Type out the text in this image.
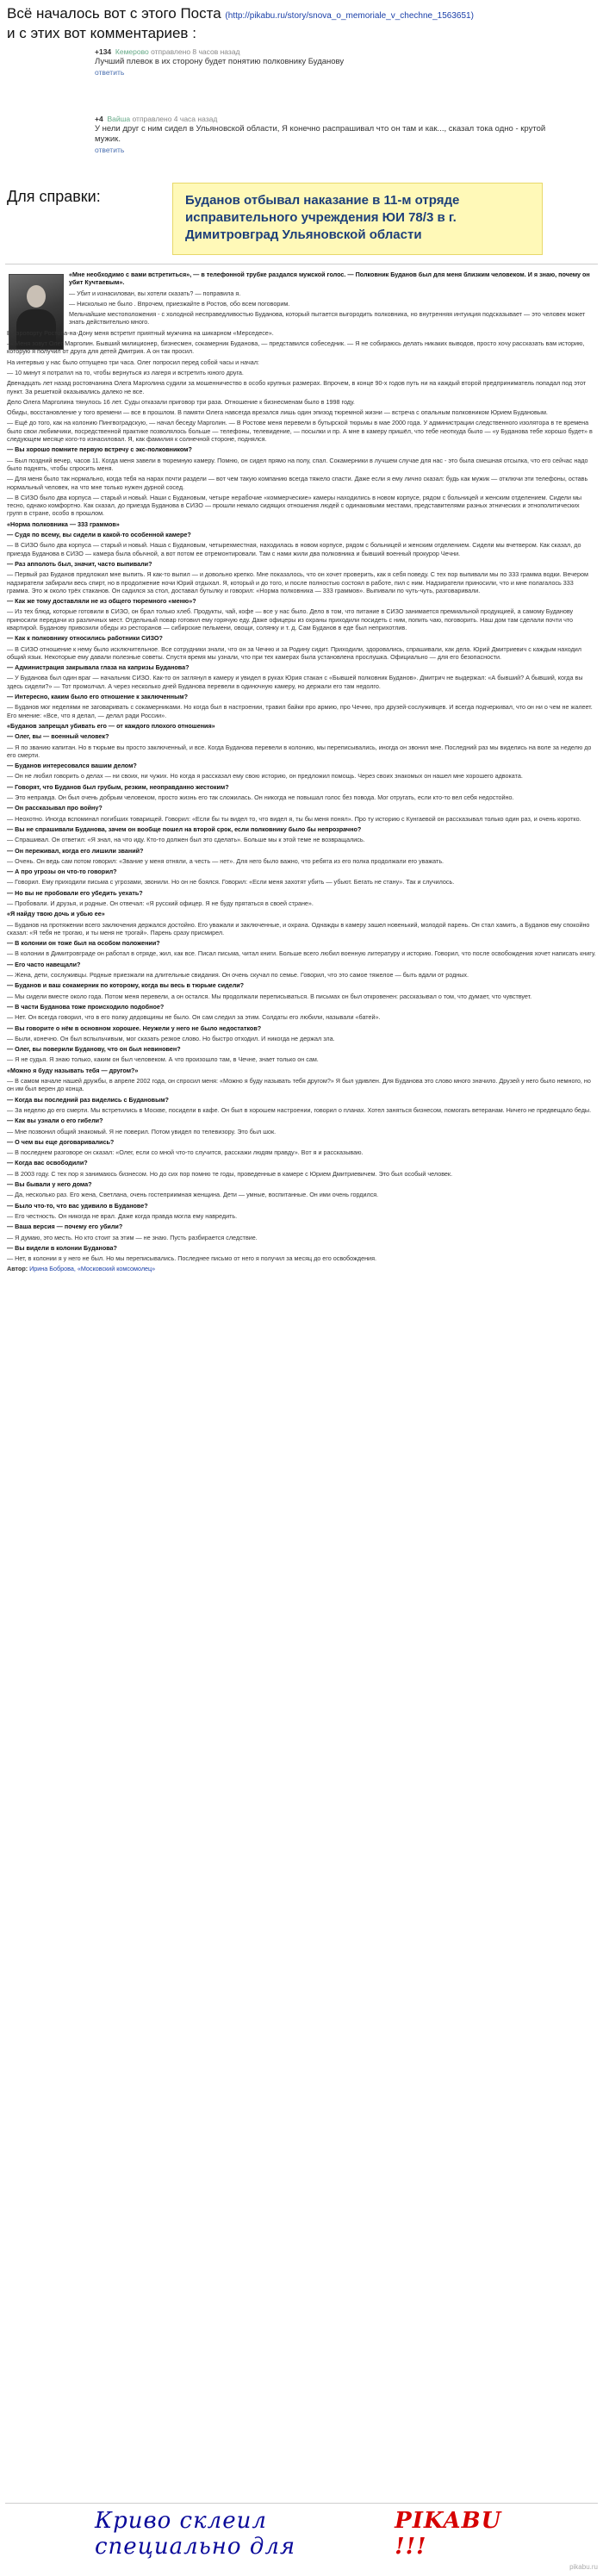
Всё началось вот с этого Поста (http://pikabu.ru/story/snova_o_memoriale_v_chechne_1563651)
и с этих вот комментариев :
+134 Кемерово отправлено 8 часов назад
Лучший плевок в их сторону будет понятию полковнику Буданову
ответить
+4 Вайша отправлено 4 часа назад
У нели друг с ним сидел в Ульяновской области, Я конечно распрашивал что он там и как..., сказал тока одно - крутой мужик.
ответить
Для справки:	Буданов отбывал наказание в 11-м отряде исправительного учреждения ЮИ 78/3 в г. Димитровград Ульяновской области

«Мне необходимо с вами встретиться», — в телефонной трубке раздался мужской голос. — Полковник Буданов был для меня близким человеком. И я знаю, почему он убит Кучтаевым».

— Убит и изнасилован, вы хотели сказать? — поправила я.

— Нисколько не было . Впрочем, приезжайте в Ростов, обо всем поговорим.

Мельчайшие местоположения - с холодной несправедливостью Буданова, который пытается выгородить полковника, но внутренняя интуиция подсказывает — это человек может знать действительно много.

В аэропорту Ростова-на-Дону меня встретит приятный мужчина на шикарном «Мерседесе».

— Меня зовут Олег Марголин. Бывший милиционер, бизнесмен, сокамерник Буданова, — представился собеседник. — Я не собираюсь делать никаких выводов, просто хочу рассказать вам историю, которую я получил от друга для детей Дмитрия. А он так просил.

На интервью у нас было отпущено три часа. Олег попросил перед собой часы и начал:

— 10 минут я потратил на то, чтобы вернуться из лагеря и встретить юного друга.

Двенадцать лет назад ростовчанина Олега Марголина судили за мошенничество в особо крупных размерах. Впрочем, в конце 90-х годов путь ни на каждый второй предприниматель попадал под этот пункт. За решеткой оказывались далеко не все.

Дело Олега Марголина тянулось 16 лет. Суды отказали приговор три раза. Отношение к бизнесменам было в 1998 году.

Обиды, восстановление у того времени — все в прошлом. В памяти Олега навсегда врезался лишь один эпизод тюремной жизни — встреча с опальным полковником Юрием Будановым.

— Ещё до того, как на колонию Пингвоградскую, — начал беседу Марголин. — В Ростове меня перевели в бутырской тюрьмы в мае 2000 года. У администрации следственного изолятора в те времена было свои любимчики, посредственной практике позволялось больше — телефоны, телевидение, — посылки и пр. А мне в камеру пришёл, что тебе неоткуда было — «у Буданова тебе хорошо будет» в следующем месяце кого-то изнасиловал. Я, как фамилия к солнечной стороне, поднялся.

— Вы хорошо помните первую встречу с экс-полковником?

— Был поздний вечер, часов 11. Когда меня завели в тюремную камеру. Помню, он сидел прямо на полу, спал. Сокамерники в лучшем случае для нас - это была смешная отсылка, что его сейчас надо было поднять, чтобы спросить меня.

— Для меня было так нормально, когда тебя на нарах почти раздели — вот чем такую компанию всегда тяжело спасти. Даже если я ему лично сказал: будь как мужик — отключи эти телефоны, оставь нормальный человек, на что мне только нужен дурной сосед.

— В СИЗО было два корпуса — старый и новый. Наши с Будановым, четыре нерабочие «коммерческие» камеры находились в новом корпусе, рядом с больницей и женским отделением. Сидели мы тесно, однако комфортно. Как сказал, до приезда Буданова в СИЗО — прошли немало сидящих отношения людей с одинаковыми местами, представителями разных этнических и этнополитических групп в стране, особо в прошлом.

«Норма полковника — 333 граммов»

— Судя по всему, вы сидели в какой-то особенной камере?

— В СИЗО было два корпуса — старый и новый. Наша с Будановым, четырехместная, находилась в новом корпусе, рядом с больницей и женским отделением. Сидели мы вчетвером. Как сказал, до приезда Буданова в СИЗО — камера была обычной, а вот потом ее отремонтировали. Там с нами жили два полковника и бывший военный прокурор Чечни.

— Раз апполоть был, значит, часто выпивали?

— Первый раз Буданов предложил мне выпить. Я как-то выпил — и довольно крепко. Мне показалось, что он хочет проверить, как я себя поведу. С тех пор выпивали мы по 333 грамма водки. Вечером надзиратели забирали весь спирт, но в продолжение ночи Юрий отдыхал. Я, который и до того, и после полностью состоял в работе, пил с ним. Надзиратели приносили, что и мне полагалось 333 грамма. Это ж около трёх стаканов. Он садился за стол, доставал бутылку и говорил: «Норма полковника — 333 граммов». Выпивали по чуть-чуть, разговаривали.

— Как же тому доставляли не из общего тюремного «меню»?

— Из тех блюд, которые готовили в СИЗО, он брал только хлеб. Продукты, чай, кофе — все у нас было. Дело в том, что питание в СИЗО занимается премиальной продукцией, а самому Буданову приносили передачи из различных мест. Отдельный повар готовил ему горячую еду. Даже офицеры из охраны приходили посидеть с ним, попить чаю, поговорить. Наш дом там сделали почти что квартирой. Буданову привозили обеды из ресторанов — сибирские пельмени, овощи, солянку и т. д. Сам Буданов в еде был неприхотлив.

— Как к полковнику относились работники СИЗО?

— В СИЗО отношение к нему было исключительное. Все сотрудники знали, что он за Чечню и за Родину сидит. Приходили, здоровались, спрашивали, как дела. Юрий Дмитриевич с каждым находил общий язык. Некоторые ему давали полезные советы. Спустя время мы узнали, что при тех камерах была установлена прослушка. Официально — для его безопасности.

— Администрация закрывала глаза на капризы Буданова?

— У Буданова был один враг — начальник СИЗО. Как-то он заглянул в камеру и увидел в руках Юрия стакан с «Бывшей полковник Буданов». Дмитрич не выдержал: «А бывший? А бывший, когда вы здесь сидели?» — Тот промолчал. А через несколько дней Буданова перевели в одиночную камеру, но держали его там недолго.

— Интересно, каким было его отношение к заключенным?

— Буданов мог неделями не заговаривать с сокамерниками. Но когда был в настроении, травил байки про армию, про Чечню, про друзей-сослуживцев. И всегда подчеркивал, что он ни о чем не жалеет. Его мнение: «Все, что я делал, — делал ради России».

«Буданов запрещал убивать его — от каждого плохого отношения»

— Олег, вы — военный человек?

— Я по званию капитан. Но в тюрьме вы просто заключенный, и все. Когда Буданова перевели в колонию, мы переписывались, иногда он звонил мне. Последний раз мы виделись на воле за неделю до его смерти.

— Буданов интересовался вашим делом?

— Он не любил говорить о делах — ни своих, ни чужих. Но когда я рассказал ему свою историю, он предложил помощь. Через своих знакомых он нашел мне хорошего адвоката.

— Говорят, что Буданов был грубым, резким, неоправданно жестоким?

— Это неправда. Он был очень добрым человеком, просто жизнь его так сложилась. Он никогда не повышал голос без повода. Мог отругать, если кто-то вел себя недостойно.

— Он рассказывал про войну?

— Неохотно. Иногда вспоминал погибших товарищей. Говорил: «Если бы ты видел то, что видел я, ты бы меня понял». Про ту историю с Кунгаевой он рассказывал только один раз, и очень коротко.

— Вы не спрашивали Буданова, зачем он вообще пошел на второй срок, если полковнику было бы непрозрачно?

— Спрашивал. Он ответил: «Я знал, на что иду. Кто-то должен был это сделать». Больше мы к этой теме не возвращались.

— Он переживал, когда его лишили званий?

— Очень. Он ведь сам потом говорил: «Звание у меня отняли, а честь — нет». Для него было важно, что ребята из его полка продолжали его уважать.

— А про угрозы он что-то говорил?

— Говорил. Ему приходили письма с угрозами, звонили. Но он не боялся. Говорил: «Если меня захотят убить — убьют. Бегать не стану». Так и случилось.

— Но вы не пробовали его убедить уехать?

— Пробовали. И друзья, и родные. Он отвечал: «Я русский офицер. Я не буду прятаться в своей стране».

«Я найду твою дочь и убью ее»

— Буданов на протяжении всего заключения держался достойно. Его уважали и заключенные, и охрана. Однажды в камеру зашел новенький, молодой парень. Он стал хамить, а Буданов ему спокойно сказал: «Я тебя не трогаю, и ты меня не трогай». Парень сразу присмирел.

— В колонии он тоже был на особом положении?

— В колонии в Димитровграде он работал в отряде, жил, как все. Писал письма, читал книги. Больше всего любил военную литературу и историю. Говорил, что после освобождения хочет написать книгу.

— Его часто навещали?

— Жена, дети, сослуживцы. Родные приезжали на длительные свидания. Он очень скучал по семье. Говорил, что это самое тяжелое — быть вдали от родных.

— Буданов и ваш сокамерник по которому, когда вы весь в тюрьме сидели?

— Мы сидели вместе около года. Потом меня перевели, а он остался. Мы продолжали переписываться. В письмах он был откровенен: рассказывал о том, что думает, что чувствует.

— В части Буданова тоже происходило подобное?

— Нет. Он всегда говорил, что в его полку дедовщины не было. Он сам следил за этим. Солдаты его любили, называли «батей».

— Вы говорите о нём в основном хорошее. Неужели у него не было недостатков?

— Были, конечно. Он был вспыльчивым, мог сказать резкое слово. Но быстро отходил. И никогда не держал зла.

— Олег, вы поверили Буданову, что он был невиновен?

— Я не судья. Я знаю только, каким он был человеком. А что произошло там, в Чечне, знает только он сам.

«Можно я буду называть тебя — другом?»

— В самом начале нашей дружбы, в апреле 2002 года, он спросил меня: «Можно я буду называть тебя другом?» Я был удивлен. Для Буданова это слово много значило. Друзей у него было немного, но он им был верен до конца.

— Когда вы последний раз виделись с Будановым?

— За неделю до его смерти. Мы встретились в Москве, посидели в кафе. Он был в хорошем настроении, говорил о планах. Хотел заняться бизнесом, помогать ветеранам. Ничего не предвещало беды.

— Как вы узнали о его гибели?

— Мне позвонил общий знакомый. Я не поверил. Потом увидел по телевизору. Это был шок.

— О чем вы еще договаривались?

— В последнем разговоре он сказал: «Олег, если со мной что-то случится, расскажи людям правду». Вот я и рассказываю.

— Когда вас освободили?

— В 2003 году. С тех пор я занимаюсь бизнесом. Но до сих пор помню те годы, проведенные в камере с Юрием Дмитриевичем. Это был особый человек.

— Вы бывали у него дома?

— Да, несколько раз. Его жена, Светлана, очень гостеприимная женщина. Дети — умные, воспитанные. Он ими очень гордился.

— Было что-то, что вас удивило в Буданове?

— Его честность. Он никогда не врал. Даже когда правда могла ему навредить.

— Ваша версия — почему его убили?

— Я думаю, это месть. Но кто стоит за этим — не знаю. Пусть разбирается следствие.

— Вы видели в колонии Буданова?

— Нет, в колонии я у него не был. Но мы переписывались. Последнее письмо от него я получил за месяц до его освобождения.

Автор: Ирина Боброва, «Московский комсомолец»

Криво склеил специально для
PIKABU !!!
pikabu.ru
